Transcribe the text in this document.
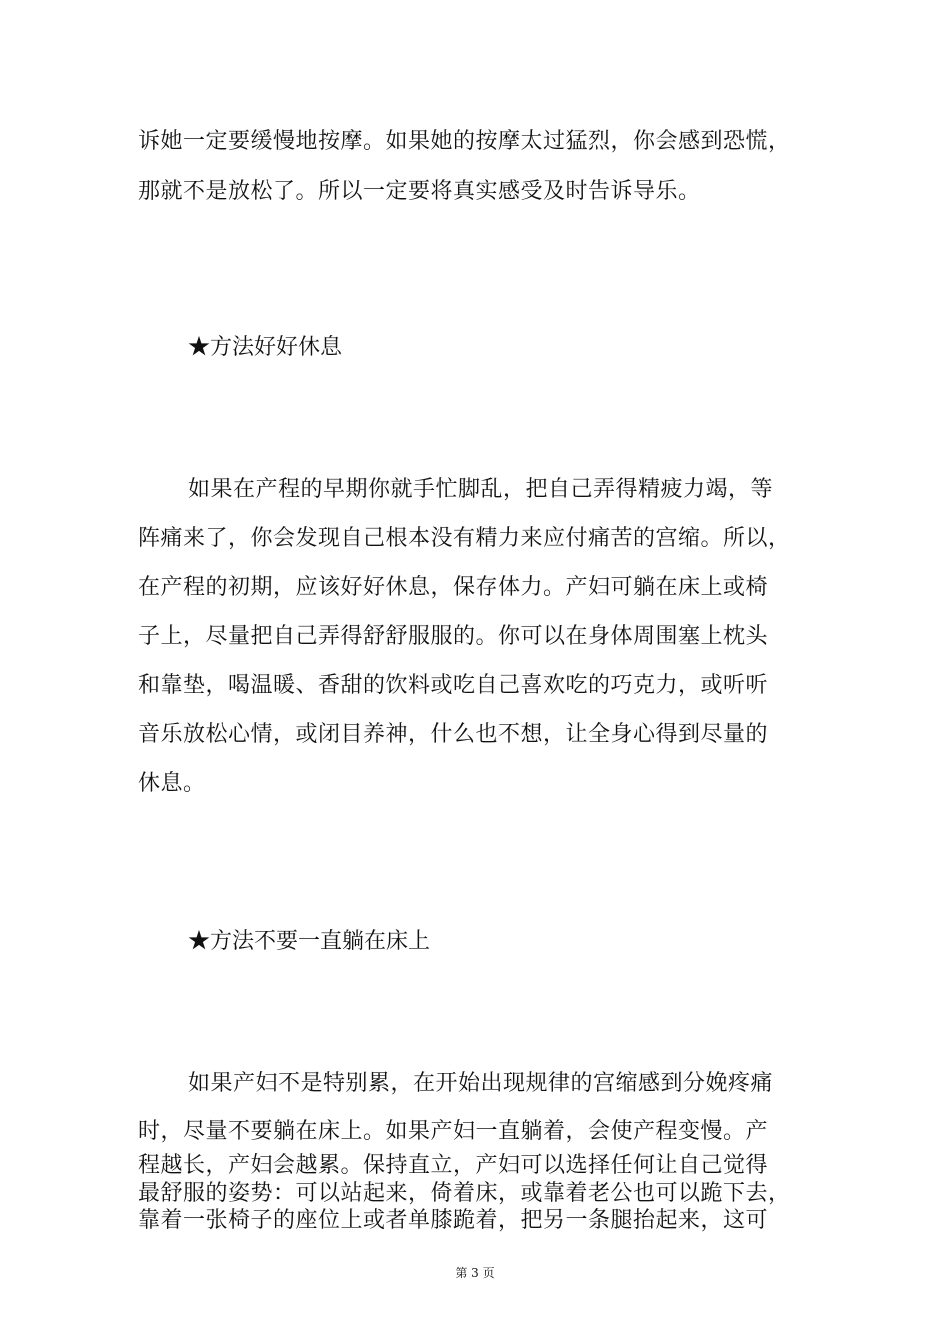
诉她一定要缓慢地按摩。如果她的按摩太过猛烈，你会感到恐慌，
那就不是放松了。所以一定要将真实感受及时告诉导乐。
★方法好好休息
如果在产程的早期你就手忙脚乱，把自己弄得精疲力竭，等
阵痛来了，你会发现自己根本没有精力来应付痛苦的宫缩。所以，
在产程的初期，应该好好休息，保存体力。产妇可躺在床上或椅
子上，尽量把自己弄得舒舒服服的。你可以在身体周围塞上枕头
和靠垫，喝温暖、香甜的饮料或吃自己喜欢吃的巧克力，或听听
音乐放松心情，或闭目养神，什么也不想，让全身心得到尽量的
休息。
★方法不要一直躺在床上
如果产妇不是特别累，在开始出现规律的宫缩感到分娩疼痛
时，尽量不要躺在床上。如果产妇一直躺着，会使产程变慢。产
程越长，产妇会越累。保持直立，产妇可以选择任何让自己觉得
最舒服的姿势：可以站起来，倚着床，或靠着老公也可以跪下去，
靠着一张椅子的座位上或者单膝跪着，把另一条腿抬起来，这可
第 3 页
